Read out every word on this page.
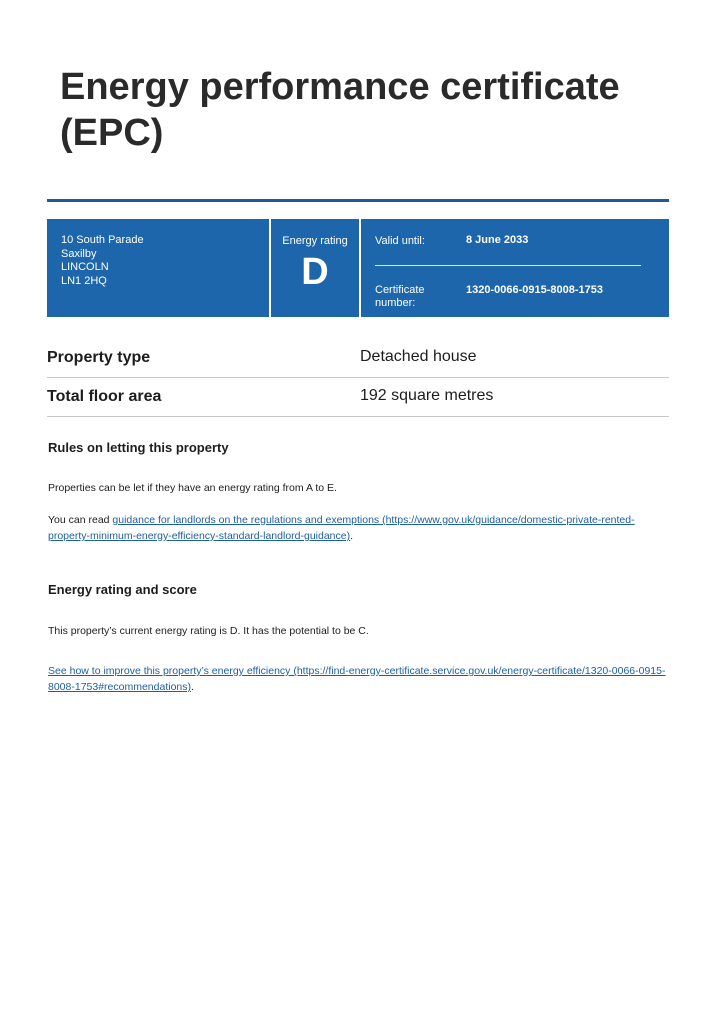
Energy performance certificate (EPC)
10 South Parade
Saxilby
LINCOLN
LN1 2HQ
Energy rating
D
Valid until:	8 June 2033
Certificate number:
1320-0066-0915-8008-1753
Property type	Detached house
Total floor area	192 square metres
Rules on letting this property
Properties can be let if they have an energy rating from A to E.
You can read guidance for landlords on the regulations and exemptions (https://www.gov.uk/guidance/domestic-private-rented-property-minimum-energy-efficiency-standard-landlord-guidance).
Energy rating and score
This property’s current energy rating is D. It has the potential to be C.
See how to improve this property’s energy efficiency (https://find-energy-certificate.service.gov.uk/energy-certificate/1320-0066-0915-8008-1753#recommendations).
